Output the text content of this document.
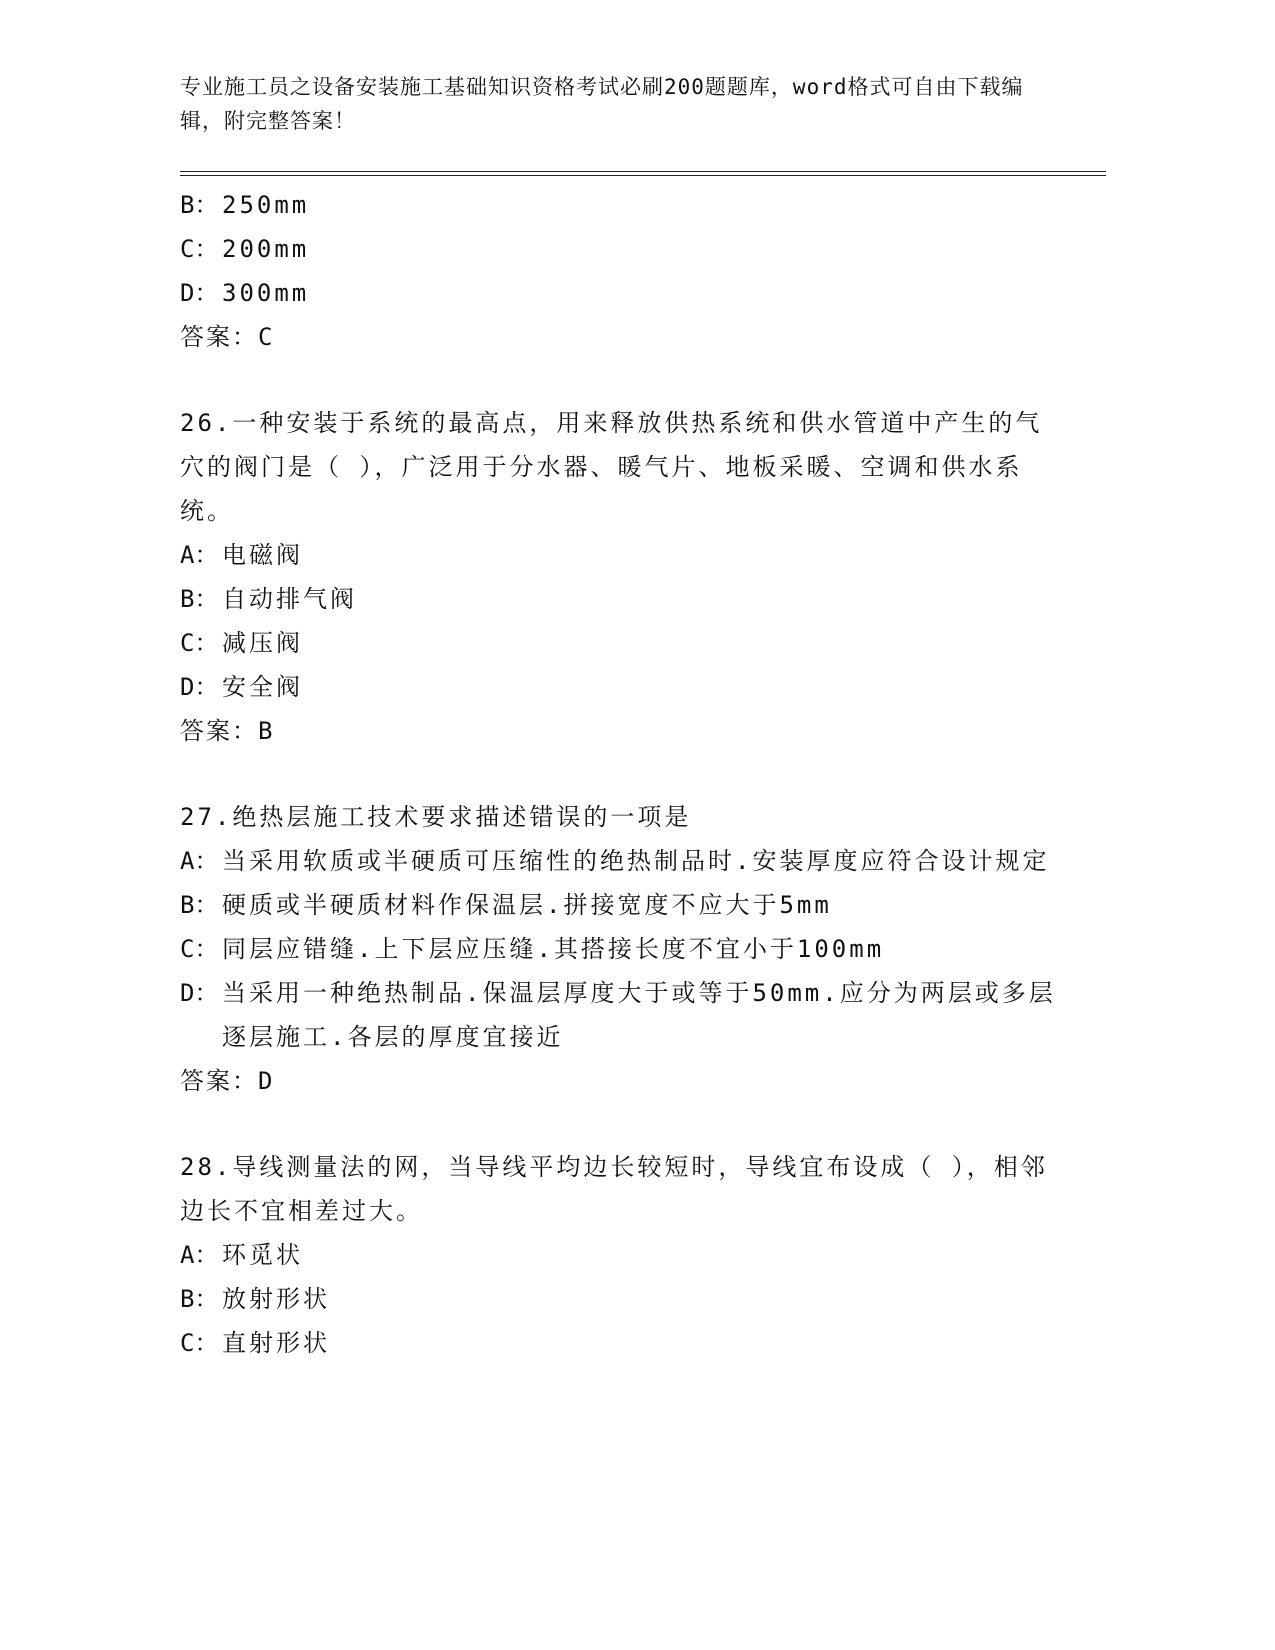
专业施工员之设备安装施工基础知识资格考试必刷200题题库，word格式可自由下载编辑，附完整答案！
B： 250mm
C： 200mm
D： 300mm

答案：C

26.一种安装于系统的最高点，用来释放供热系统和供水管道中产生的气穴的阀门是（ ），广泛用于分水器、暖气片、地板采暖、空调和供水系统。

A： 电磁阀
B： 自动排气阀
C： 减压阀
D： 安全阀

答案：B

27.绝热层施工技术要求描述错误的一项是

A： 当采用软质或半硬质可压缩性的绝热制品时.安装厚度应符合设计规定
B： 硬质或半硬质材料作保温层.拼接宽度不应大于5mm
C： 同层应错缝.上下层应压缝.其搭接长度不宜小于100mm
D： 当采用一种绝热制品.保温层厚度大于或等于50mm.应分为两层或多层逐层施工.各层的厚度宜接近

答案：D

28.导线测量法的网，当导线平均边长较短时，导线宜布设成（ ），相邻边长不宜相差过大。

A： 环觅状
B： 放射形状
C： 直射形状
